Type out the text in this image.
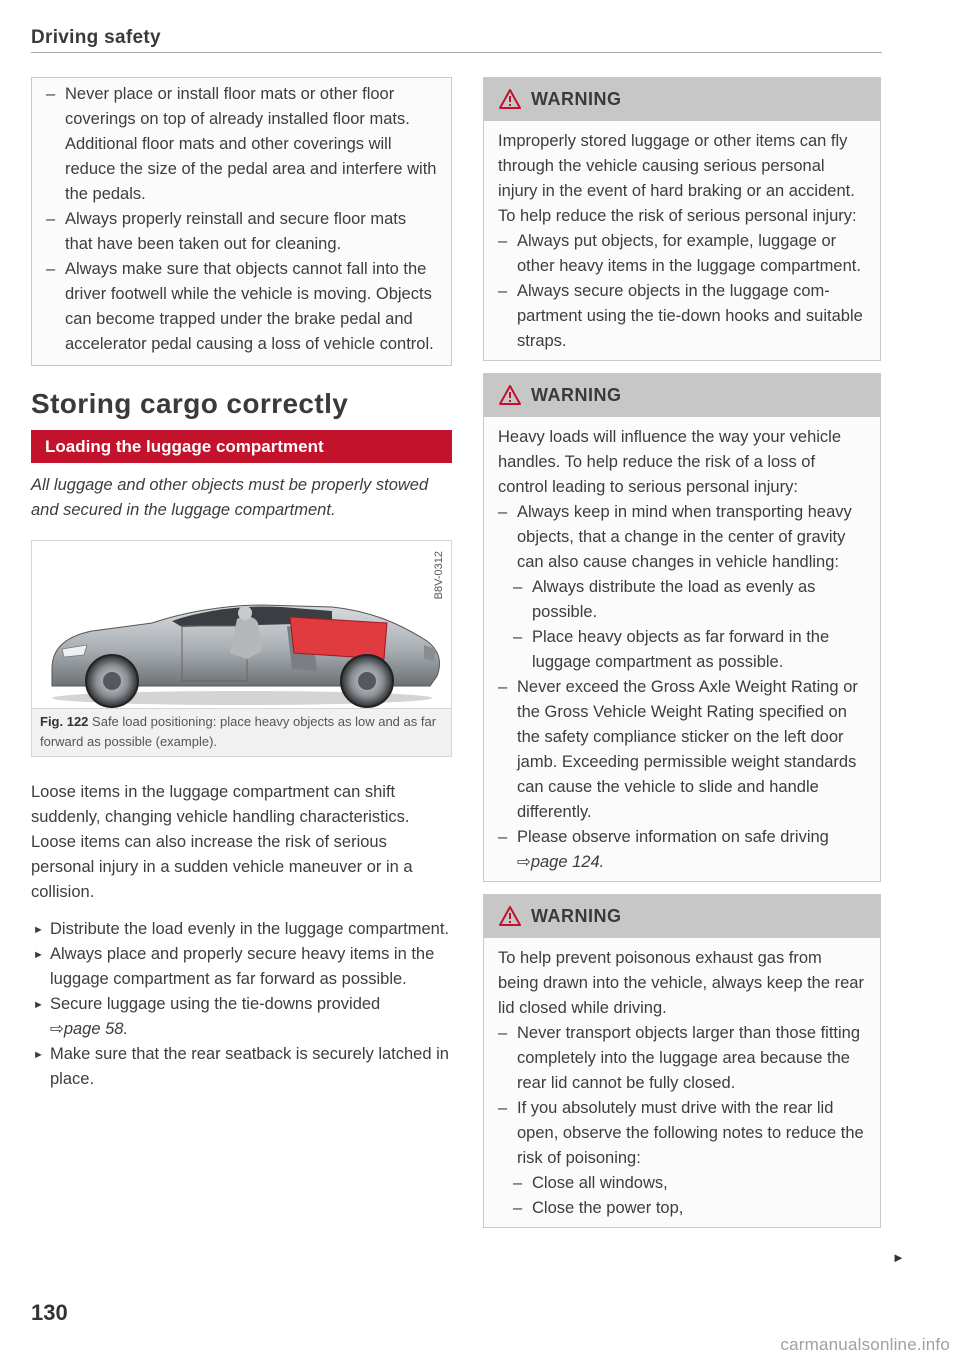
Driving safety
– Never place or install floor mats or other floor coverings on top of already installed floor mats. Additional floor mats and other coverings will reduce the size of the pedal area and interfere with the pedals.
– Always properly reinstall and secure floor mats that have been taken out for cleaning.
– Always make sure that objects cannot fall into the driver footwell while the vehicle is moving. Objects can become trapped under the brake pedal and accelerator pedal causing a loss of vehicle control.
Storing cargo correctly
Loading the luggage compartment
All luggage and other objects must be properly stowed and secured in the luggage compartment.
B8V-0312
Fig. 122 Safe load positioning: place heavy objects as low and as far forward as possible (example).
Loose items in the luggage compartment can shift suddenly, changing vehicle handling characteristics. Loose items can also increase the risk of serious personal injury in a sudden vehicle maneuver or in a collision.
► Distribute the load evenly in the luggage compartment.
► Always place and properly secure heavy items in the luggage compartment as far forward as possible.
► Secure luggage using the tie-downs provided
⇨page 58.
► Make sure that the rear seatback is securely latched in place.
WARNING
Improperly stored luggage or other items can fly through the vehicle causing serious personal injury in the event of hard braking or an accident. To help reduce the risk of serious personal injury:
– Always put objects, for example, luggage or other heavy items in the luggage compartment.
– Always secure objects in the luggage compartment using the tie-down hooks and suitable straps.
WARNING
Heavy loads will influence the way your vehicle handles. To help reduce the risk of a loss of control leading to serious personal injury:
– Always keep in mind when transporting heavy objects, that a change in the center of gravity can also cause changes in vehicle handling:
– Always distribute the load as evenly as possible.
– Place heavy objects as far forward in the luggage compartment as possible.
– Never exceed the Gross Axle Weight Rating or the Gross Vehicle Weight Rating specified on the safety compliance sticker on the left door jamb. Exceeding permissible weight standards can cause the vehicle to slide and handle differently.
– Please observe information on safe driving
⇨page 124.
WARNING
To help prevent poisonous exhaust gas from being drawn into the vehicle, always keep the rear lid closed while driving.
– Never transport objects larger than those fitting completely into the luggage area because the rear lid cannot be fully closed.
– If you absolutely must drive with the rear lid open, observe the following notes to reduce the risk of poisoning:
– Close all windows,
– Close the power top,
►
130
carmanualsonline.info
